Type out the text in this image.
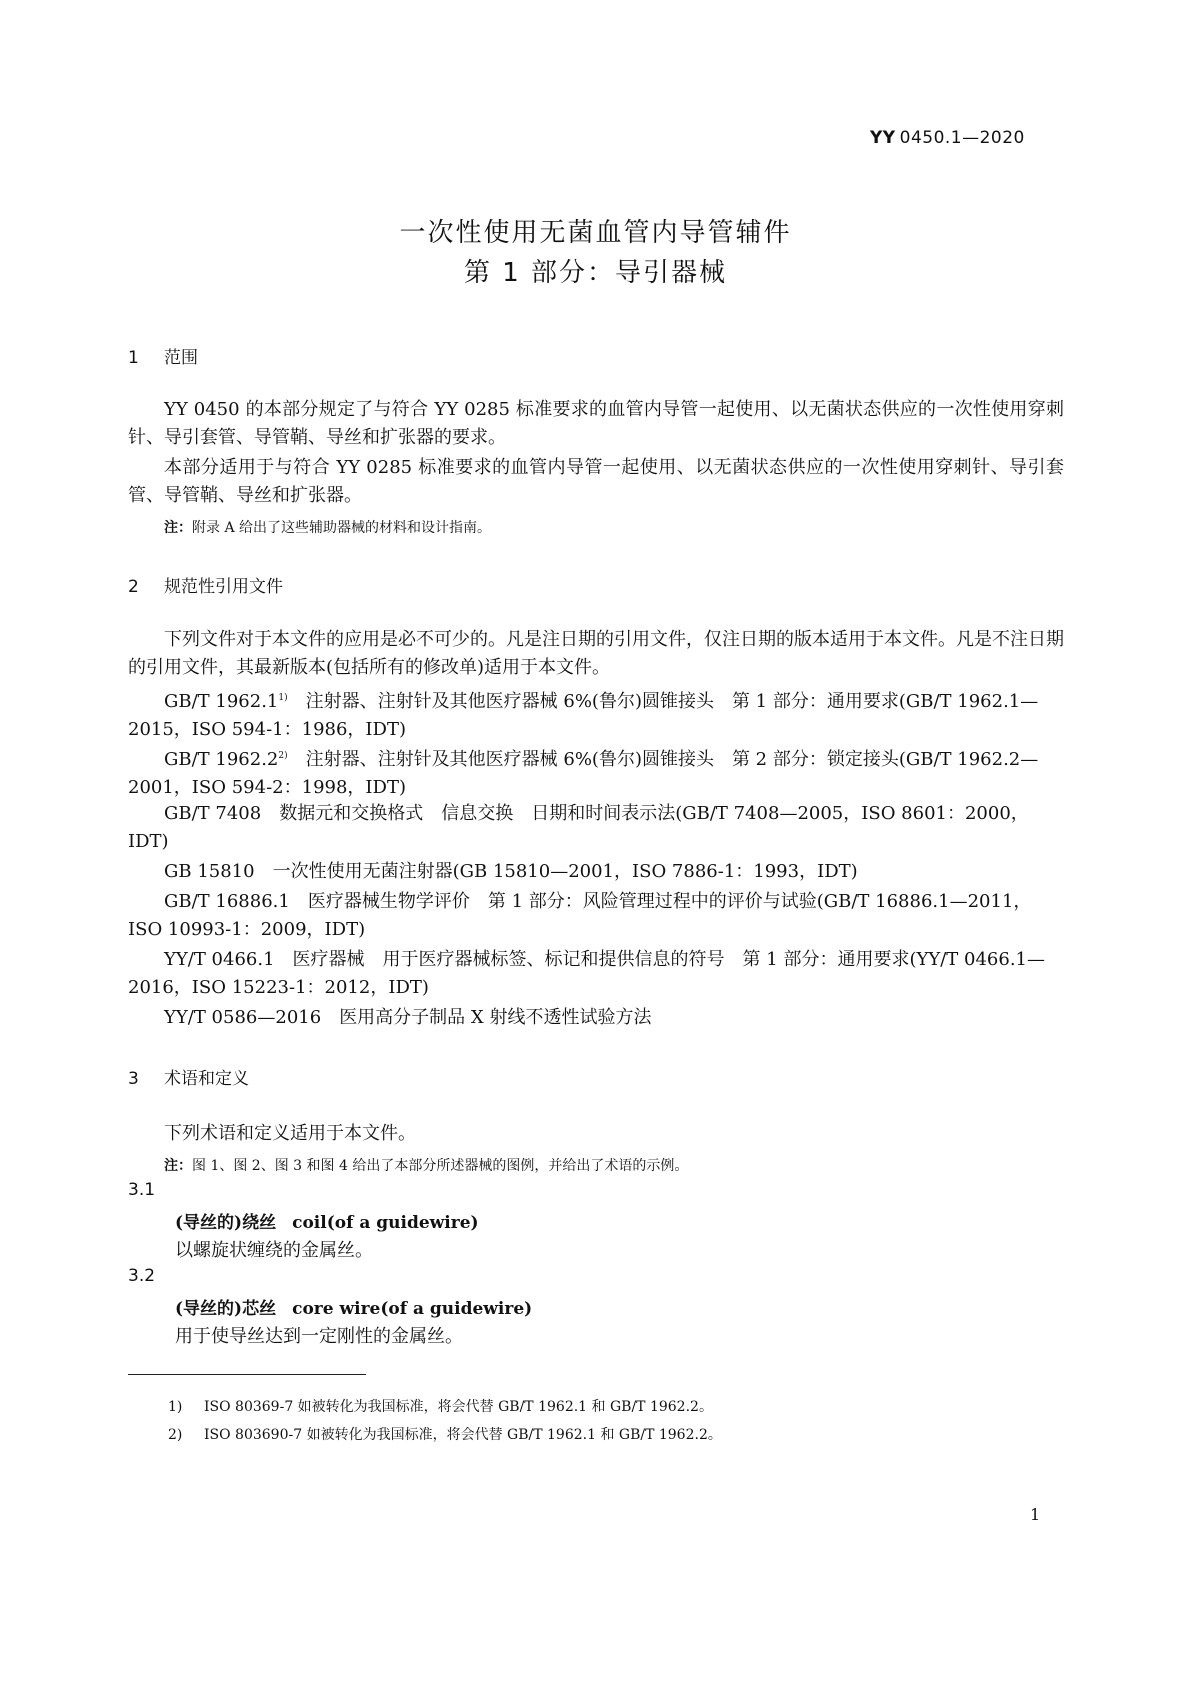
YY 0450.1—2020
一次性使用无菌血管内导管辅件
第 1 部分：导引器械
1 范围
YY 0450 的本部分规定了与符合 YY 0285 标准要求的血管内导管一起使用、以无菌状态供应的一次性使用穿刺针、导引套管、导管鞘、导丝和扩张器的要求。
本部分适用于与符合 YY 0285 标准要求的血管内导管一起使用、以无菌状态供应的一次性使用穿刺针、导引套管、导管鞘、导丝和扩张器。
注：附录 A 给出了这些辅助器械的材料和设计指南。
2 规范性引用文件
下列文件对于本文件的应用是必不可少的。凡是注日期的引用文件，仅注日期的版本适用于本文件。凡是不注日期的引用文件，其最新版本(包括所有的修改单)适用于本文件。
GB/T 1962.1$^{1)}$　 注射器、注射针及其他医疗器械 6%(鲁尔)圆锥接头　第 1 部分：通用要求(GB/T 1962.1—2015，ISO 594-1：1986，IDT)
GB/T 1962.2$^{2)}$　 注射器、注射针及其他医疗器械 6%(鲁尔)圆锥接头　第 2 部分：锁定接头(GB/T 1962.2—2001，ISO 594-2：1998，IDT)
GB/T 7408　 数据元和交换格式　信息交换　日期和时间表示法(GB/T 7408—2005，ISO 8601：2000，IDT)
GB 15810　 一次性使用无菌注射器(GB 15810—2001，ISO 7886-1：1993，IDT)
GB/T 16886.1　 医疗器械生物学评价　第 1 部分：风险管理过程中的评价与试验(GB/T 16886.1—2011，ISO 10993-1：2009，IDT)
YY/T 0466.1　 医疗器械　用于医疗器械标签、标记和提供信息的符号　第 1 部分：通用要求(YY/T 0466.1—2016，ISO 15223-1：2012，IDT)
YY/T 0586—2016　 医用高分子制品 X 射线不透性试验方法
3 术语和定义
下列术语和定义适用于本文件。
注：图 1、图 2、图 3 和图 4 给出了本部分所述器械的图例，并给出了术语的示例。
3.1
(导丝的)绕丝 coil(of a guidewire)
以螺旋状缠绕的金属丝。
3.2
(导丝的)芯丝 core wire(of a guidewire)
用于使导丝达到一定刚性的金属丝。
1) ISO 80369-7 如被转化为我国标准，将会代替 GB/T 1962.1 和 GB/T 1962.2。
2) ISO 803690-7 如被转化为我国标准，将会代替 GB/T 1962.1 和 GB/T 1962.2。
1
